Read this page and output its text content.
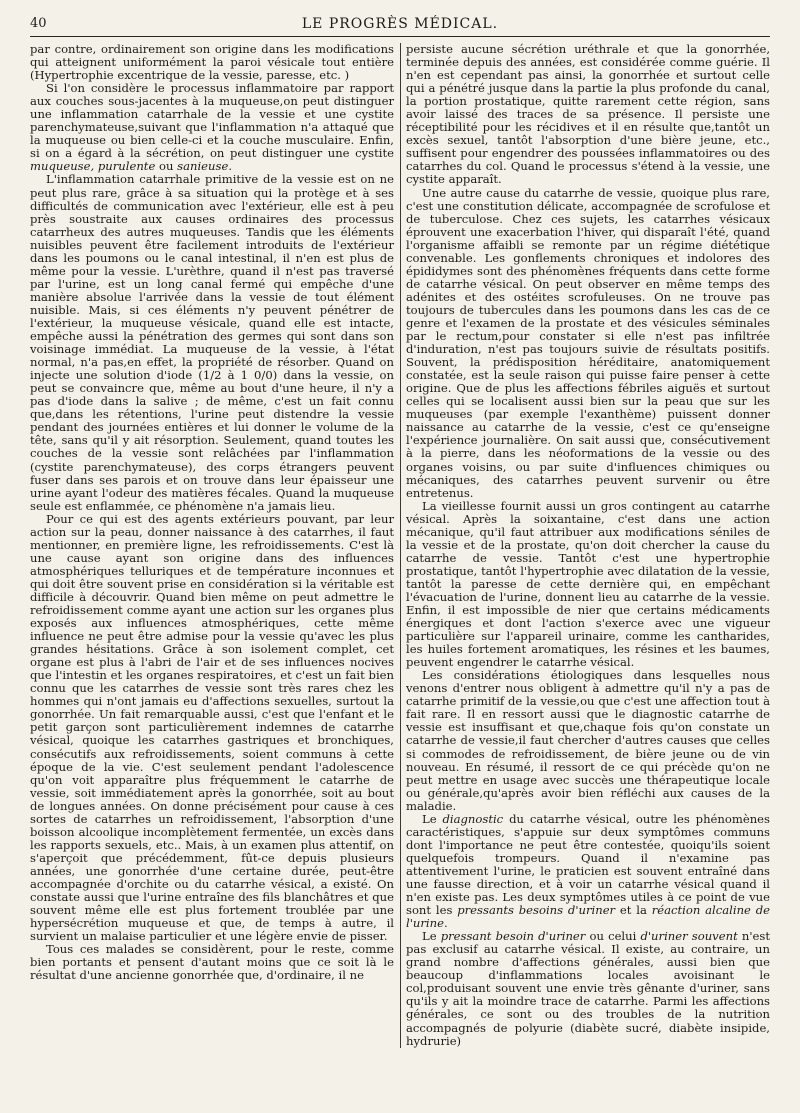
40	LE PROGRÈS MÉDICAL.

par contre, ordinairement son origine dans les modifications qui atteignent uniformément la paroi vésicale tout entière (Hypertrophie excentrique de la vessie, paresse, etc. )

Si l'on considère le processus inflammatoire par rapport aux couches sous-jacentes à la muqueuse,on peut distinguer une inflammation catarrhale de la vessie et une cystite parenchymateuse,suivant que l'inflammation n'a attaqué que la muqueuse ou bien celle-ci et la couche musculaire. Enfin, si on a égard à la sécrétion, on peut distinguer une cystite muqueuse, purulente ou sanieuse.

L'inflammation catarrhale primitive de la vessie est on ne peut plus rare, grâce à sa situation qui la protège et à ses difficultés de communication avec l'extérieur, elle est à peu près soustraite aux causes ordinaires des processus catarrheux des autres muqueuses. Tandis que les éléments nuisibles peuvent être facilement introduits de l'extérieur dans les poumons ou le canal intestinal, il n'en est plus de même pour la vessie. L'urèthre, quand il n'est pas traversé par l'urine, est un long canal fermé qui empêche d'une manière absolue l'arrivée dans la vessie de tout élément nuisible. Mais, si ces éléments n'y peuvent pénétrer de l'extérieur, la muqueuse vésicale, quand elle est intacte, empêche aussi la pénétration des germes qui sont dans son voisinage immédiat. La muqueuse de la vessie, à l'état normal, n'a pas,en effet, la propriété de résorber. Quand on injecte une solution d'iode (1/2 à 1 0/0) dans la vessie, on peut se convaincre que, même au bout d'une heure, il n'y a pas d'iode dans la salive ; de même, c'est un fait connu que,dans les rétentions, l'urine peut distendre la vessie pendant des journées entières et lui donner le volume de la tête, sans qu'il y ait résorption. Seulement, quand toutes les couches de la vessie sont relâchées par l'inflammation (cystite parenchymateuse), des corps étrangers peuvent fuser dans ses parois et on trouve dans leur épaisseur une urine ayant l'odeur des matières fécales. Quand la muqueuse seule est enflammée, ce phénomène n'a jamais lieu.

Pour ce qui est des agents extérieurs pouvant, par leur action sur la peau, donner naissance à des catarrhes, il faut mentionner, en première ligne, les refroidissements. C'est là une cause ayant son origine dans des influences atmosphériques telluriques et de température inconnues et qui doit être souvent prise en considération si la véritable est difficile à découvrir. Quand bien même on peut admettre le refroidissement comme ayant une action sur les organes plus exposés aux influences atmosphériques, cette même influence ne peut être admise pour la vessie qu'avec les plus grandes hésitations. Grâce à son isolement complet, cet organe est plus à l'abri de l'air et de ses influences nocives que l'intestin et les organes respiratoires, et c'est un fait bien connu que les catarrhes de vessie sont très rares chez les hommes qui n'ont jamais eu d'affections sexuelles, surtout la gonorrhée. Un fait remarquable aussi, c'est que l'enfant et le petit garçon sont particulièrement indemnes de catarrhe vésical, quoique les catarrhes gastriques et bronchiques, consécutifs aux refroidissements, soient communs à cette époque de la vie. C'est seulement pendant l'adolescence qu'on voit apparaître plus fréquemment le catarrhe de vessie, soit immédiatement après la gonorrhée, soit au bout de longues années. On donne précisément pour cause à ces sortes de catarrhes un refroidissement, l'absorption d'une boisson alcoolique incomplètement fermentée, un excès dans les rapports sexuels, etc.. Mais, à un examen plus attentif, on s'aperçoit que précédemment, fût-ce depuis plusieurs années, une gonorrhée d'une certaine durée, peut-être accompagnée d'orchite ou du catarrhe vésical, a existé. On constate aussi que l'urine entraîne des fils blanchâtres et que souvent même elle est plus fortement troublée par une hypersécrétion muqueuse et que, de temps à autre, il survient un malaise particulier et une légère envie de pisser.

Tous ces malades se considèrent, pour le reste, comme bien portants et pensent d'autant moins que ce soit là le résultat d'une ancienne gonorrhée que, d'ordinaire, il ne

persiste aucune sécrétion uréthrale et que la gonorrhée, terminée depuis des années, est considérée comme guérie. Il n'en est cependant pas ainsi, la gonorrhée et surtout celle qui a pénétré jusque dans la partie la plus profonde du canal, la portion prostatique, quitte rarement cette région, sans avoir laissé des traces de sa présence. Il persiste une réceptibilité pour les récidives et il en résulte que,tantôt un excès sexuel, tantôt l'absorption d'une bière jeune, etc., suffisent pour engendrer des poussées inflammatoires ou des catarrhes du col. Quand le processus s'étend à la vessie, une cystite apparaît.

Une autre cause du catarrhe de vessie, quoique plus rare, c'est une constitution délicate, accompagnée de scrofulose et de tuberculose. Chez ces sujets, les catarrhes vésicaux éprouvent une exacerbation l'hiver, qui disparaît l'été, quand l'organisme affaibli se remonte par un régime diététique convenable. Les gonflements chroniques et indolores des épididymes sont des phénomènes fréquents dans cette forme de catarrhe vésical. On peut observer en même temps des adénites et des ostéites scrofuleuses. On ne trouve pas toujours de tubercules dans les poumons dans les cas de ce genre et l'examen de la prostate et des vésicules séminales par le rectum,pour constater si elle n'est pas infiltrée d'induration, n'est pas toujours suivie de résultats positifs. Souvent, la prédisposition héréditaire, anatomiquement constatée, est la seule raison qui puisse faire penser à cette origine. Que de plus les affections fébriles aiguës et surtout celles qui se localisent aussi bien sur la peau que sur les muqueuses (par exemple l'exanthème) puissent donner naissance au catarrhe de la vessie, c'est ce qu'enseigne l'expérience journalière. On sait aussi que, consécutivement à la pierre, dans les néoformations de la vessie ou des organes voisins, ou par suite d'influences chimiques ou mécaniques, des catarrhes peuvent survenir ou être entretenus.

La vieillesse fournit aussi un gros contingent au catarrhe vésical. Après la soixantaine, c'est dans une action mécanique, qu'il faut attribuer aux modifications séniles de la vessie et de la prostate, qu'on doit chercher la cause du catarrhe de vessie. Tantôt c'est une hypertrophie prostatique, tantôt l'hypertrophie avec dilatation de la vessie, tantôt la paresse de cette dernière qui, en empêchant l'évacuation de l'urine, donnent lieu au catarrhe de la vessie. Enfin, il est impossible de nier que certains médicaments énergiques et dont l'action s'exerce avec une vigueur particulière sur l'appareil urinaire, comme les cantharides, les huiles fortement aromatiques, les résines et les baumes, peuvent engendrer le catarrhe vésical.

Les considérations étiologiques dans lesquelles nous venons d'entrer nous obligent à admettre qu'il n'y a pas de catarrhe primitif de la vessie,ou que c'est une affection tout à fait rare. Il en ressort aussi que le diagnostic catarrhe de vessie est insuffisant et que,chaque fois qu'on constate un catarrhe de vessie,il faut chercher d'autres causes que celles si commodes de refroidissement, de bière jeune ou de vin nouveau. En résumé, il ressort de ce qui précède qu'on ne peut mettre en usage avec succès une thérapeutique locale ou générale,qu'après avoir bien réfléchi aux causes de la maladie.

Le diagnostic du catarrhe vésical, outre les phénomènes caractéristiques, s'appuie sur deux symptômes communs dont l'importance ne peut être contestée, quoiqu'ils soient quelquefois trompeurs. Quand il n'examine pas attentivement l'urine, le praticien est souvent entraîné dans une fausse direction, et à voir un catarrhe vésical quand il n'en existe pas. Les deux symptômes utiles à ce point de vue sont les pressants besoins d'uriner et la réaction alcaline de l'urine.

Le pressant besoin d'uriner ou celui d'uriner souvent n'est pas exclusif au catarrhe vésical. Il existe, au contraire, un grand nombre d'affections générales, aussi bien que beaucoup d'inflammations locales avoisinant le col,produisant souvent une envie très gênante d'uriner, sans qu'ils y ait la moindre trace de catarrhe. Parmi les affections générales, ce sont ou des troubles de la nutrition accompagnés de polyurie (diabète sucré, diabète insipide, hydrurie)
